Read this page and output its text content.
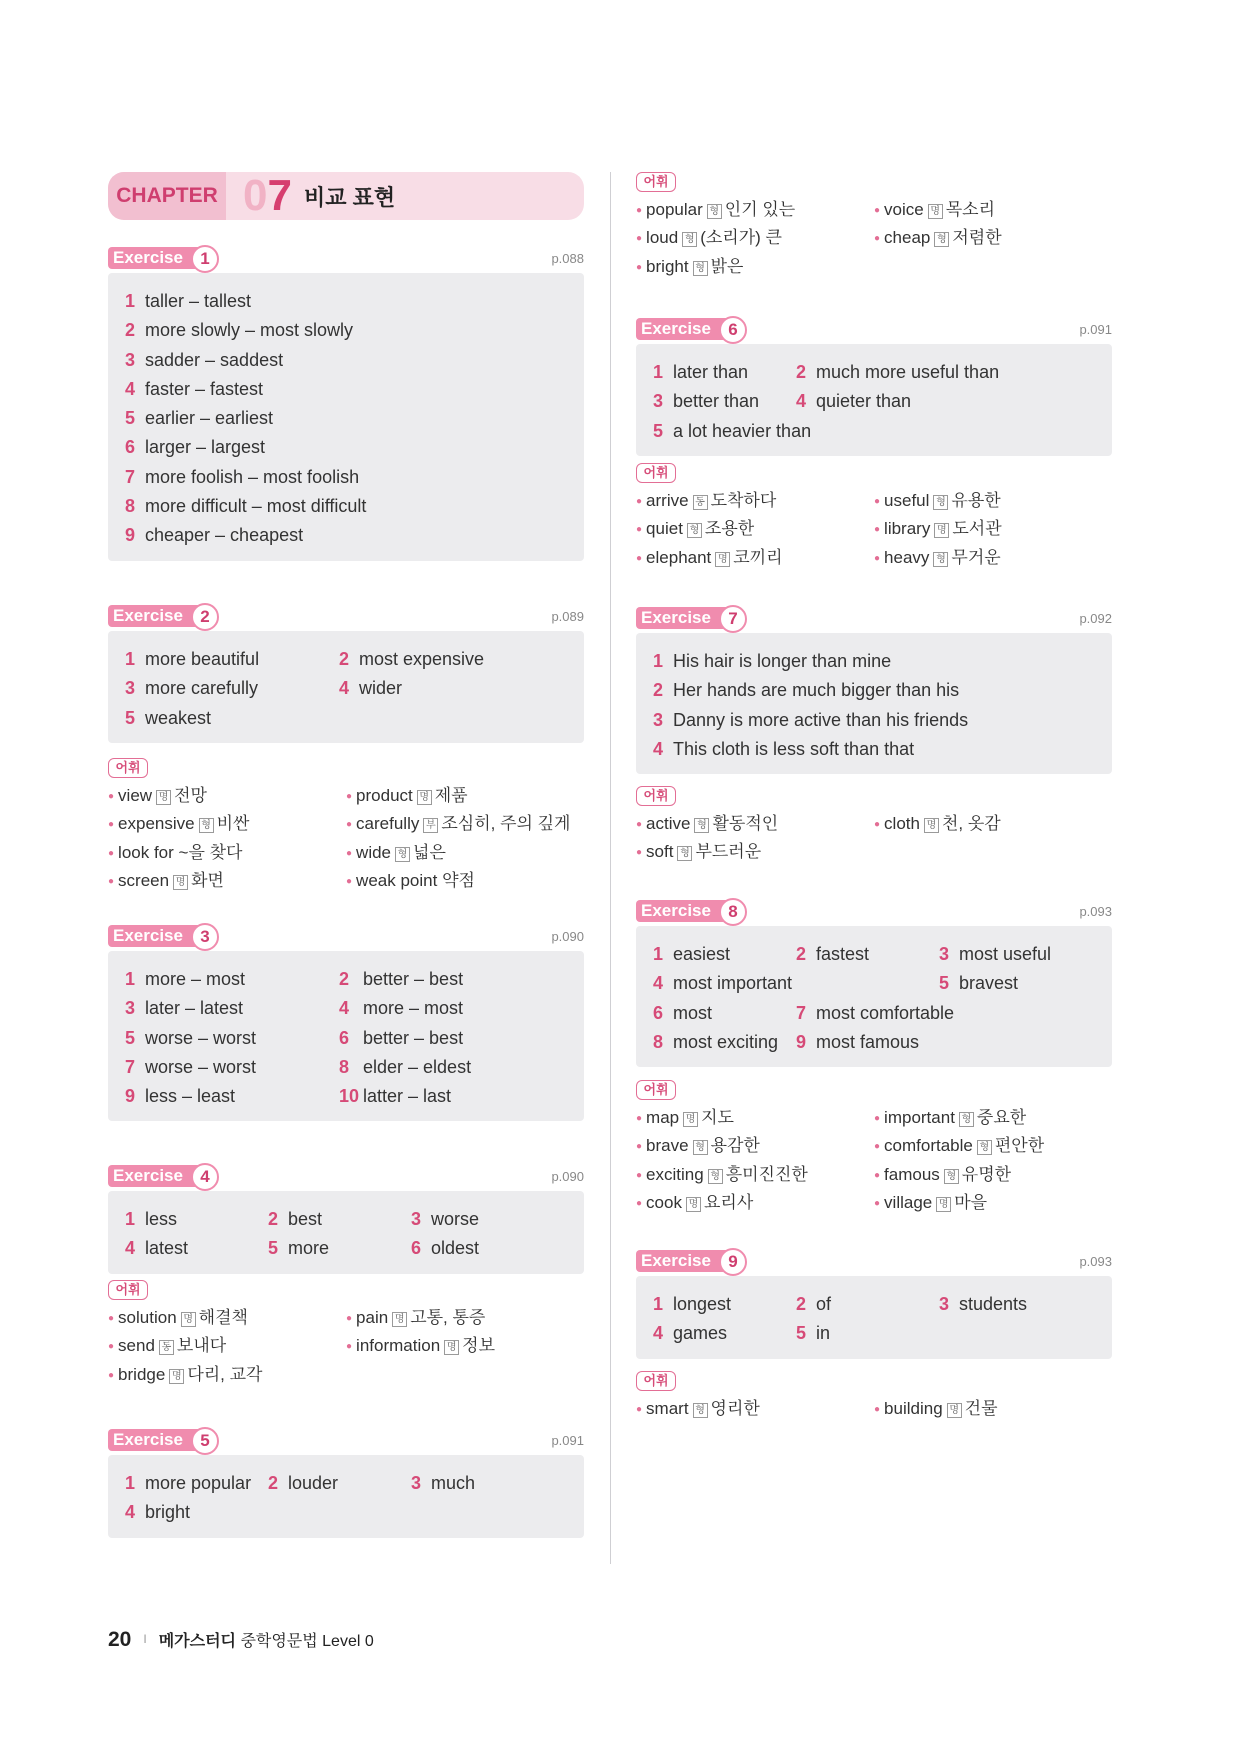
CHAPTER 07 비교 표현
Exercise	1	p.088
1 taller – tallest
2 more slowly – most slowly
3 sadder – saddest
4 faster – fastest
5 earlier – earliest
6 larger – largest
7 more foolish – most foolish
8 more difficult – most difficult
9 cheaper – cheapest
Exercise	2	p.089
1 more beautiful	2 most expensive
3 more carefully	4 wider
5 weakest
어휘
● view 명 전망	● product 명 제품
● expensive 형 비싼	● carefully 부 조심히, 주의 깊게
● look for ~을 찾다	● wide 형 넓은
● screen 명 화면	● weak point 약점
Exercise	3	p.090
1 more – most	2 better – best
3 later – latest	4 more – most
5 worse – worst	6 better – best
7 worse – worst	8 elder – eldest
9 less – least	10 latter – last
Exercise	4	p.090
1 less	2 best	3 worse
4 latest	5 more	6 oldest
어휘
● solution 명 해결책	● pain 명 고통, 통증
● send 동 보내다	● information 명 정보
● bridge 명 다리, 교각
Exercise	5	p.091
1 more popular 2 louder	3 much
4 bright
어휘
● popular 형 인기 있는	● voice 명 목소리
● loud 형 (소리가) 큰	● cheap 형 저렴한
● bright 형 밝은
Exercise	6	p.091
1 later than	2 much more useful than
3 better than	4 quieter than
5 a lot heavier than
어휘
● arrive 동 도착하다	● useful 형 유용한
● quiet 형 조용한	● library 명 도서관
● elephant 명 코끼리	● heavy 형 무거운
Exercise	7	p.092
1 His hair is longer than mine
2 Her hands are much bigger than his
3 Danny is more active than his friends
4 This cloth is less soft than that
어휘
● active 형 활동적인	● cloth 명 천, 옷감
● soft 형 부드러운
Exercise	8	p.093
1 easiest	2 fastest	3 most useful
4 most important	5 bravest
6 most	7 most comfortable
8 most exciting 9 most famous
어휘
● map 명 지도	● important 형 중요한
● brave 형 용감한	● comfortable 형 편안한
● exciting 형 흥미진진한	● famous 형 유명한
● cook 명 요리사	● village 명 마을
Exercise	9	p.093
1 longest	2 of	3 students
4 games	5 in
어휘
● smart 형 영리한	● building 명 건물
20 I 메가스터디 중학영문법 Level 0
